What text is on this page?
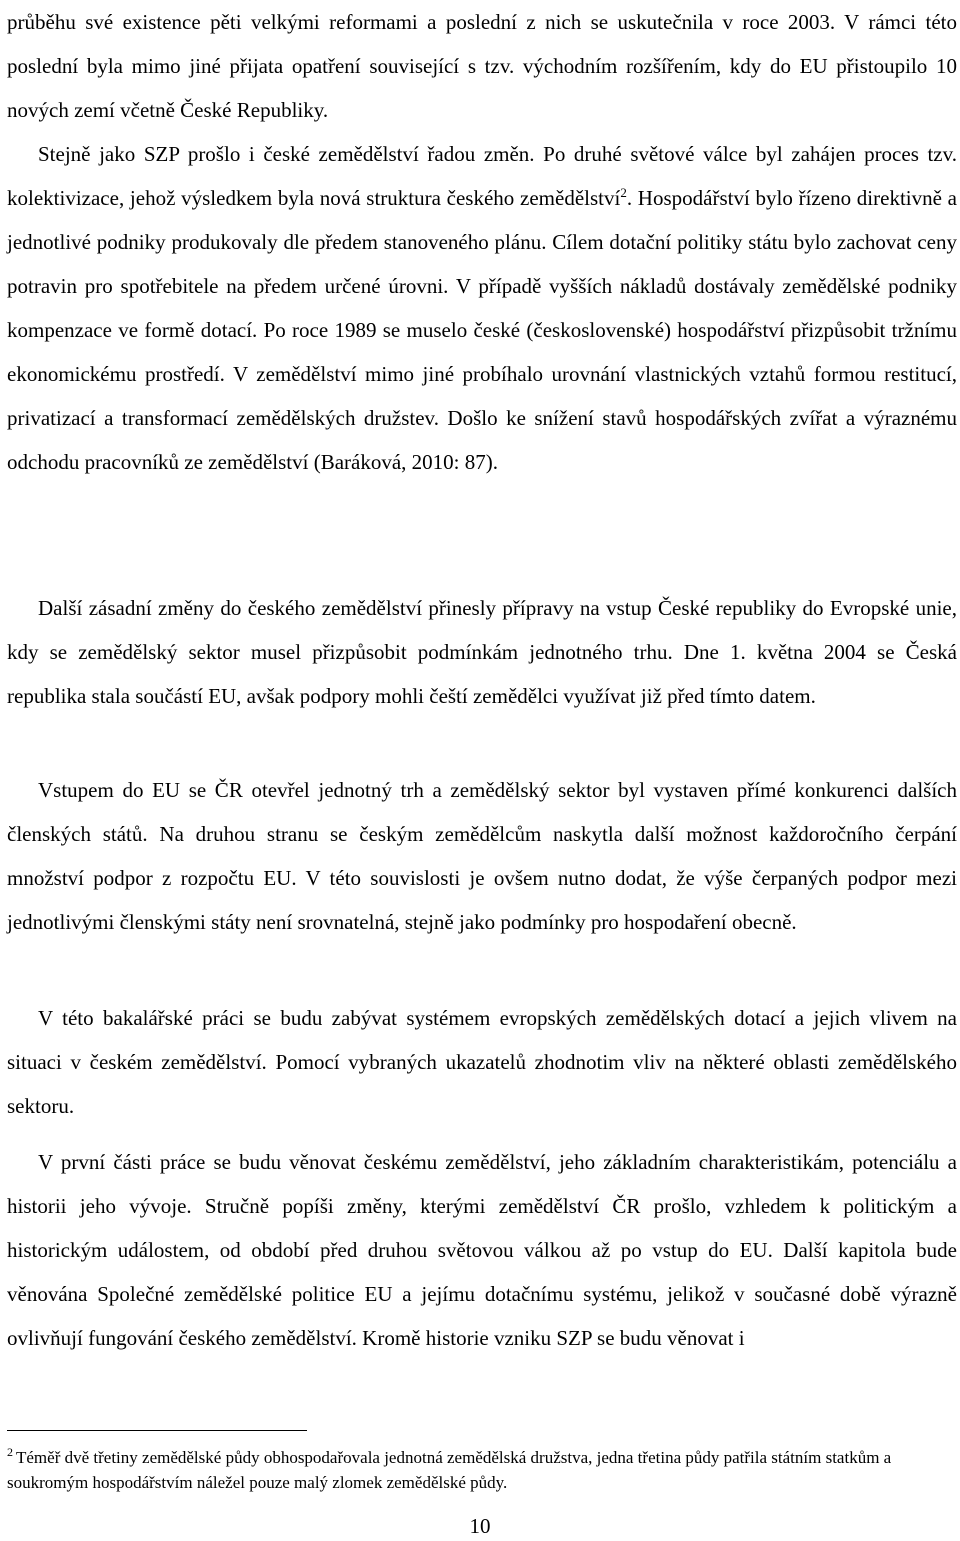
průběhu své existence pěti velkými reformami a poslední z nich se uskutečnila v roce 2003. V rámci této poslední byla mimo jiné přijata opatření související s tzv. východním rozšířením, kdy do EU přistoupilo 10 nových zemí včetně České Republiky.
Stejně jako SZP prošlo i české zemědělství řadou změn. Po druhé světové válce byl zahájen proces tzv. kolektivizace, jehož výsledkem byla nová struktura českého zemědělství$^2$. Hospodářství bylo řízeno direktivně a jednotlivé podniky produkovaly dle předem stanoveného plánu. Cílem dotační politiky státu bylo zachovat ceny potravin pro spotřebitele na předem určené úrovni. V případě vyšších nákladů dostávaly zemědělské podniky kompenzace ve formě dotací. Po roce 1989 se muselo české (československé) hospodářství přizpůsobit tržnímu ekonomickému prostředí. V zemědělství mimo jiné probíhalo urovnání vlastnických vztahů formou restitucí, privatizací a transformací zemědělských družstev. Došlo ke snížení stavů hospodářských zvířat a výraznému odchodu pracovníků ze zemědělství (Baráková, 2010: 87).

Další zásadní změny do českého zemědělství přinesly přípravy na vstup České republiky do Evropské unie, kdy se zemědělský sektor musel přizpůsobit podmínkám jednotného trhu. Dne 1. května 2004 se Česká republika stala součástí EU, avšak podpory mohli čeští zemědělci využívat již před tímto datem.

Vstupem do EU se ČR otevřel jednotný trh a zemědělský sektor byl vystaven přímé konkurenci dalších členských států. Na druhou stranu se českým zemědělcům naskytla další možnost každoročního čerpání množství podpor z rozpočtu EU. V této souvislosti je ovšem nutno dodat, že výše čerpaných podpor mezi jednotlivými členskými státy není srovnatelná, stejně jako podmínky pro hospodaření obecně.

V této bakalářské práci se budu zabývat systémem evropských zemědělských dotací a jejich vlivem na situaci v českém zemědělství. Pomocí vybraných ukazatelů zhodnotim vliv na některé oblasti zemědělského sektoru.

V první části práce se budu věnovat českému zemědělství, jeho základním charakteristikám, potenciálu a historii jeho vývoje. Stručně popíši změny, kterými zemědělství ČR prošlo, vzhledem k politickým a historickým událostem, od období před druhou světovou válkou až po vstup do EU. Další kapitola bude věnována Společné zemědělské politice EU a jejímu dotačnímu systému, jelikož v současné době výrazně ovlivňují fungování českého zemědělství. Kromě historie vzniku SZP se budu věnovat i

$^2$ Téměř dvě třetiny zemědělské půdy obhospodařovala jednotná zemědělská družstva, jedna třetina půdy patřila státním statkům a soukromým hospodářstvím náležel pouze malý zlomek zemědělské půdy.

10
